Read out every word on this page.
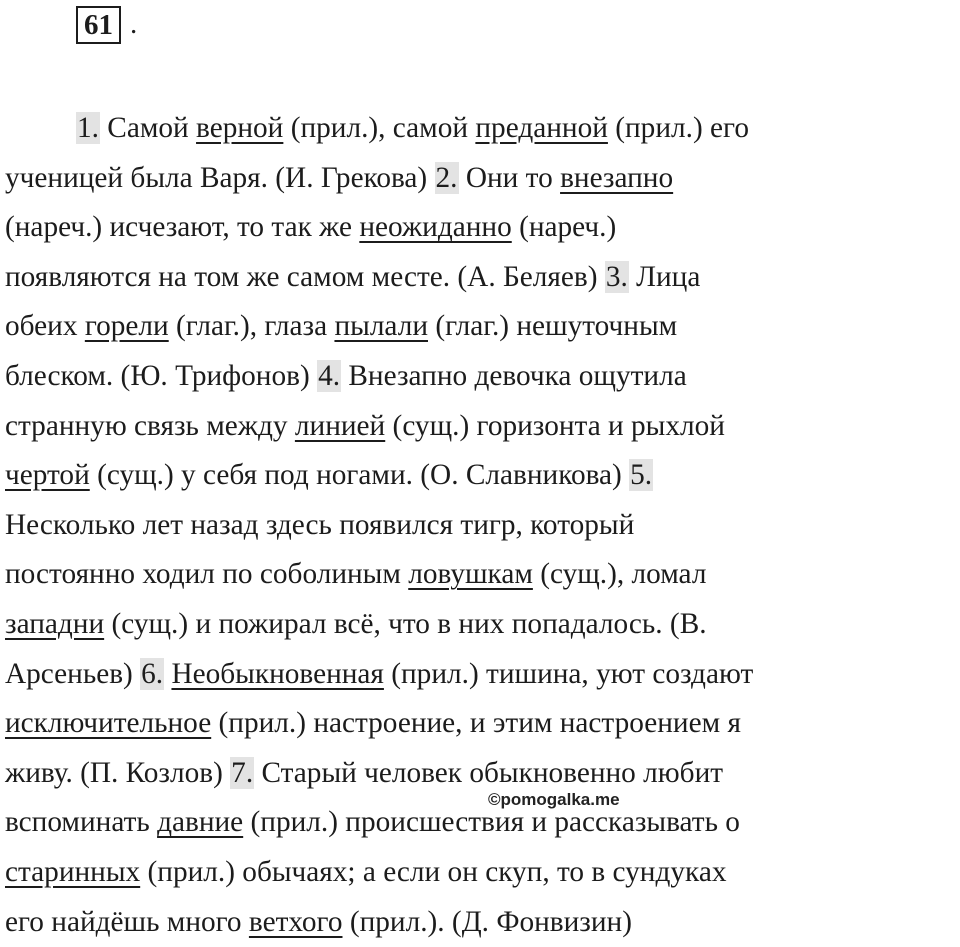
61 .
1. Самой верной (прил.), самой преданной (прил.) его
ученицей была Варя. (И. Грекова) 2. Они то внезапно
(нареч.) исчезают, то так же неожиданно (нареч.)
появляются на том же самом месте. (А. Беляев) 3. Лица
обеих горели (глаг.), глаза пылали (глаг.) нешуточным
блеском. (Ю. Трифонов) 4. Внезапно девочка ощутила
странную связь между линией (сущ.) горизонта и рыхлой
чертой (сущ.) у себя под ногами. (О. Славникова) 5.
Несколько лет назад здесь появился тигр, который
постоянно ходил по соболиным ловушкам (сущ.), ломал
западни (сущ.) и пожирал всё, что в них попадалось. (В.
Арсеньев) 6. Необыкновенная (прил.) тишина, уют создают
исключительное (прил.) настроение, и этим настроением я
живу. (П. Козлов) 7. Старый человек обыкновенно любит
вспоминать давние (прил.) происшествия и рассказывать о
старинных (прил.) обычаях; а если он скуп, то в сундуках
его найдёшь много ветхого (прил.). (Д. Фонвизин)
©pomogalka.me
